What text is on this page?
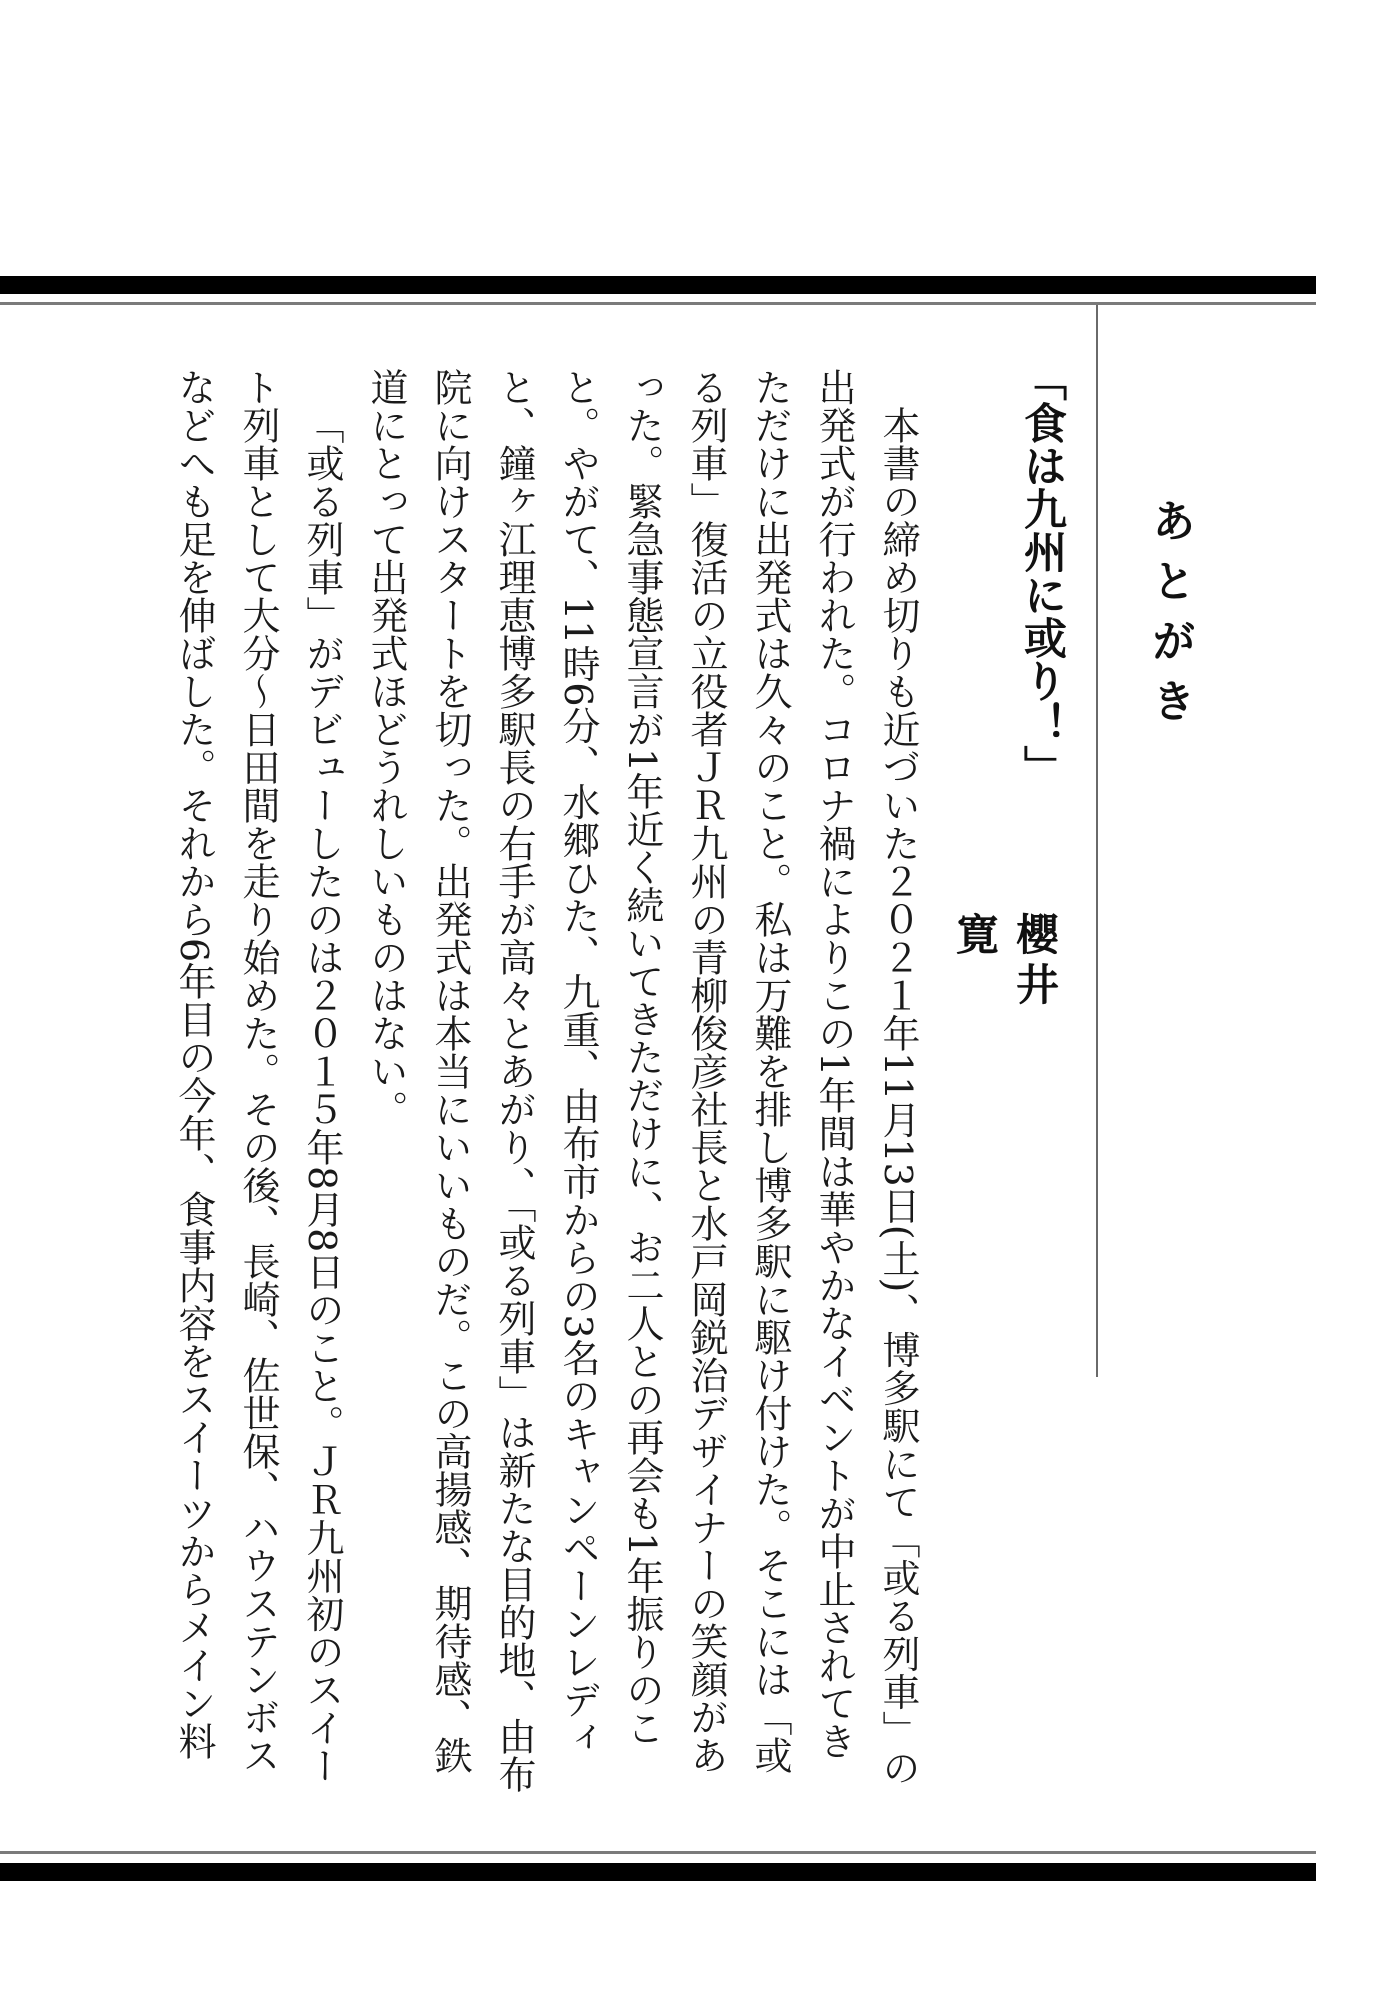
あとがき
「食は九州に或り！」
櫻井 寛

本書の締め切りも近づいた２０２１年11月13日(土)、博多駅にて「或る列車」の出発式が行われた。コロナ禍によりこの1年間は華やかなイベントが中止されてきただけに出発式は久々のこと。私は万難を排し博多駅に駆け付けた。そこには「或る列車」復活の立役者ＪＲ九州の青柳俊彦社長と水戸岡鋭治デザイナーの笑顔があった。緊急事態宣言が1年近く続いてきただけに、お二人との再会も1年振りのこと。やがて、11時6分、水郷ひた、九重、由布市からの3名のキャンペーンレディと、鐘ヶ江理恵博多駅長の右手が高々とあがり、「或る列車」は新たな目的地、由布院に向けスタートを切った。出発式は本当にいいものだ。この高揚感、期待感、鉄道にとって出発式ほどうれしいものはない。

「或る列車」がデビューしたのは２０１５年8月8日のこと。ＪＲ九州初のスイート列車として大分～日田間を走り始めた。その後、長崎、佐世保、ハウステンボスなどへも足を伸ばした。それから6年目の今年、食事内容をスイーツからメイン料
